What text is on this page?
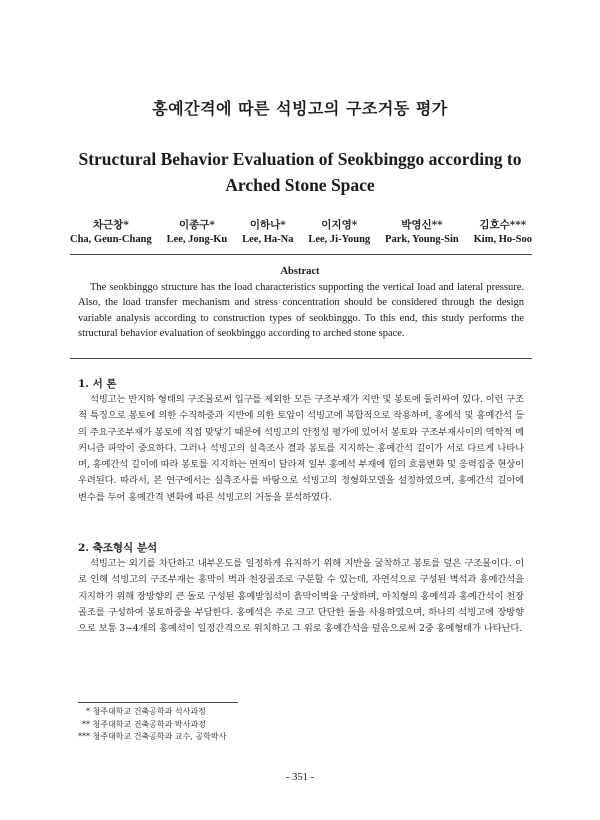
홍예간격에 따른 석빙고의 구조거동 평가
Structural Behavior Evaluation of Seokbinggo according to Arched Stone Space
차근창*
Cha, Geun-Chang
이종구*
Lee, Jong-Ku
이하나*
Lee, Ha-Na
이지영*
Lee, Ji-Young
박영신**
Park, Young-Sin
김호수***
Kim, Ho-Soo
Abstract
The seokbinggo structure has the load characteristics supporting the vertical load and lateral pressure. Also, the load transfer mechanism and stress concentration should be considered through the design variable analysis according to construction types of seokbinggo. To this end, this study performs the structural behavior evaluation of seokbinggo according to arched stone space.
1. 서 론
석빙고는 반지하 형태의 구조물로써 입구를 제외한 모든 구조부재가 지반 및 봉토에 둘러싸여 있다. 이런 구조적 특징으로 봉토에 의한 수직하중과 지반에 의한 토압이 석빙고에 복합적으로 작용하며, 홍예석 및 홍예간석 등의 주요구조부재가 봉토에 직접 맞닿기 때문에 석빙고의 안정성 평가에 있어서 봉토와 구조부재사이의 역학적 메커니즘 파악이 중요하다. 그러나 석빙고의 실측조사 결과 봉토를 지지하는 홍예간석 길이가 서로 다르게 나타나며, 홍예간석 길이에 따라 봉토를 지지하는 면적이 달라져 일부 홍예석 부재에 힘의 흐름변화 및 응력집중 현상이 우려된다. 따라서, 본 연구에서는 실측조사를 바탕으로 석빙고의 정형화모델을 설정하였으며, 홍예간석 길이에 변수를 두어 홍예간격 변화에 따른 석빙고의 거동을 분석하였다.
2. 축조형식 분석
석빙고는 외기를 차단하고 내부온도를 일정하게 유지하기 위해 지반을 굴착하고 봉토를 덮은 구조물이다. 이로 인해 석빙고의 구조부재는 홍막이 벽과 천장골조로 구분할 수 있는데, 자연석으로 구성된 벽석과 홍예간석을 지지하기 위해 장방향의 큰 돌로 구성된 홍예받침석이 흙막이벽을 구성하며, 아치형의 홍예석과 홍예간석이 천장골조를 구성하여 봉토하중을 부담한다. 홍예석은 주로 크고 단단한 돌을 사용하였으며, 하나의 석빙고에 장방향으로 보통 3~4개의 홍예석이 일정간격으로 위치하고 그 위로 홍예간석을 덮음으로써 2중 홍예형태가 나타난다.
* 청주대학교 건축공학과 석사과정
** 청주대학교 건축공학과 박사과정
*** 청주대학교 건축공학과 교수, 공학박사
- 351 -
